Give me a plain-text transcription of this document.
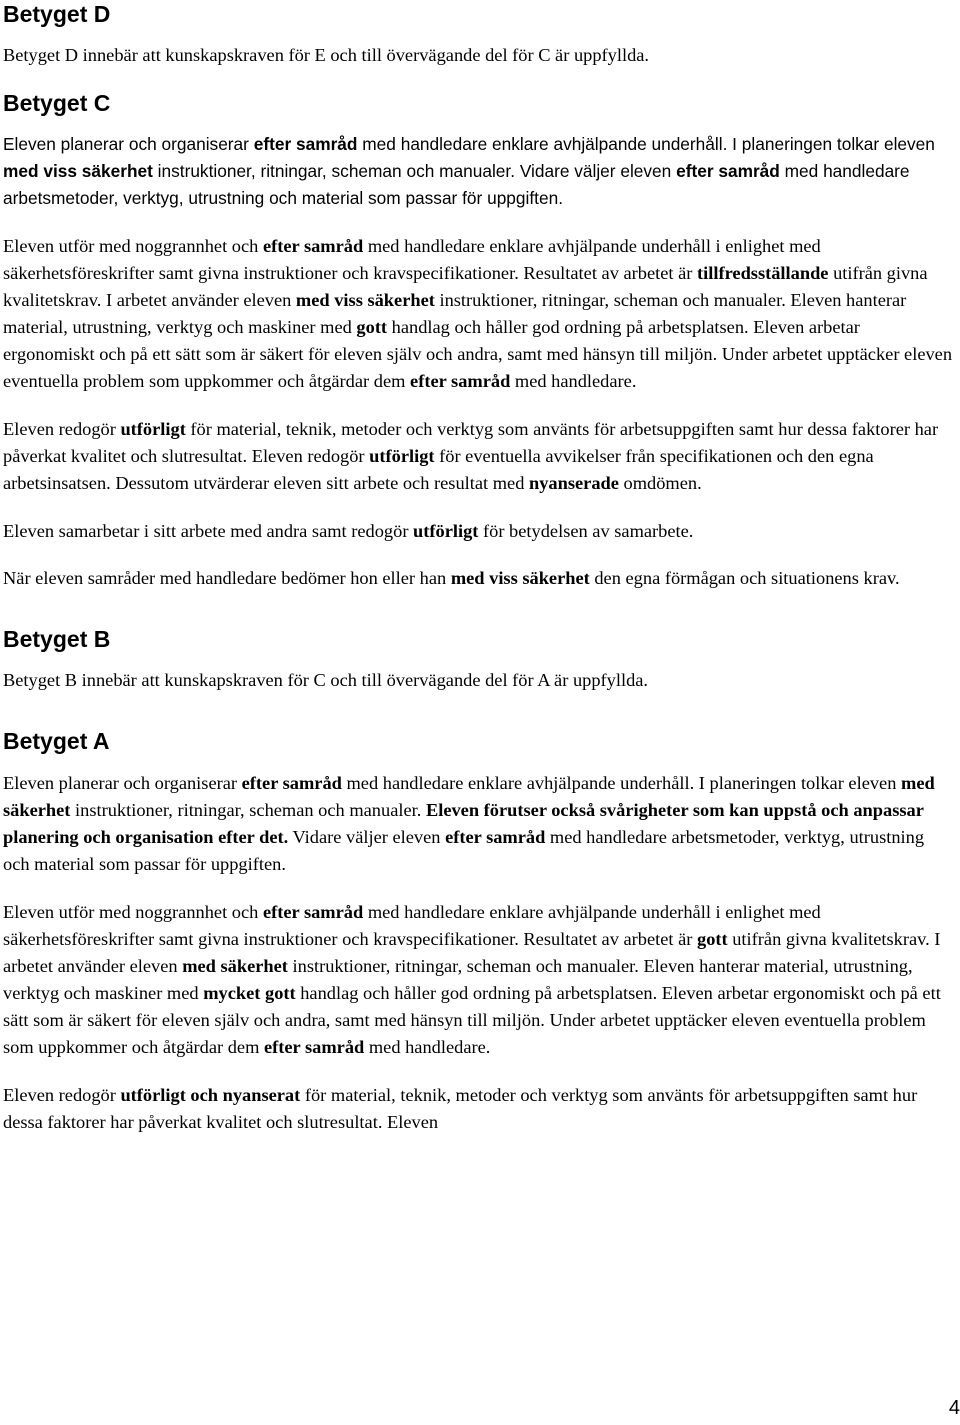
Betyget D

Betyget D innebär att kunskapskraven för E och till övervägande del för C är uppfyllda.

Betyget C

Eleven planerar och organiserar efter samråd med handledare enklare avhjälpande underhåll. I planeringen tolkar eleven med viss säkerhet instruktioner, ritningar, scheman och manualer. Vidare väljer eleven efter samråd med handledare arbetsmetoder, verktyg, utrustning och material som passar för uppgiften.

Eleven utför med noggrannhet och efter samråd med handledare enklare avhjälpande underhåll i enlighet med säkerhetsföreskrifter samt givna instruktioner och kravspecifikationer. Resultatet av arbetet är tillfredsställande utifrån givna kvalitetskrav. I arbetet använder eleven med viss säkerhet instruktioner, ritningar, scheman och manualer. Eleven hanterar material, utrustning, verktyg och maskiner med gott handlag och håller god ordning på arbetsplatsen. Eleven arbetar ergonomiskt och på ett sätt som är säkert för eleven själv och andra, samt med hänsyn till miljön. Under arbetet upptäcker eleven eventuella problem som uppkommer och åtgärdar dem efter samråd med handledare.

Eleven redogör utförligt för material, teknik, metoder och verktyg som använts för arbetsuppgiften samt hur dessa faktorer har påverkat kvalitet och slutresultat. Eleven redogör utförligt för eventuella avvikelser från specifikationen och den egna arbetsinsatsen. Dessutom utvärderar eleven sitt arbete och resultat med nyanserade omdömen.

Eleven samarbetar i sitt arbete med andra samt redogör utförligt för betydelsen av samarbete.

När eleven samråder med handledare bedömer hon eller han med viss säkerhet den egna förmågan och situationens krav.

Betyget B

Betyget B innebär att kunskapskraven för C och till övervägande del för A är uppfyllda.

Betyget A

Eleven planerar och organiserar efter samråd med handledare enklare avhjälpande underhåll. I planeringen tolkar eleven med säkerhet instruktioner, ritningar, scheman och manualer. Eleven förutser också svårigheter som kan uppstå och anpassar planering och organisation efter det. Vidare väljer eleven efter samråd med handledare arbetsmetoder, verktyg, utrustning och material som passar för uppgiften.

Eleven utför med noggrannhet och efter samråd med handledare enklare avhjälpande underhåll i enlighet med säkerhetsföreskrifter samt givna instruktioner och kravspecifikationer. Resultatet av arbetet är gott utifrån givna kvalitetskrav. I arbetet använder eleven med säkerhet instruktioner, ritningar, scheman och manualer. Eleven hanterar material, utrustning, verktyg och maskiner med mycket gott handlag och håller god ordning på arbetsplatsen. Eleven arbetar ergonomiskt och på ett sätt som är säkert för eleven själv och andra, samt med hänsyn till miljön. Under arbetet upptäcker eleven eventuella problem som uppkommer och åtgärdar dem efter samråd med handledare.

Eleven redogör utförligt och nyanserat för material, teknik, metoder och verktyg som använts för arbetsuppgiften samt hur dessa faktorer har påverkat kvalitet och slutresultat. Eleven

4
